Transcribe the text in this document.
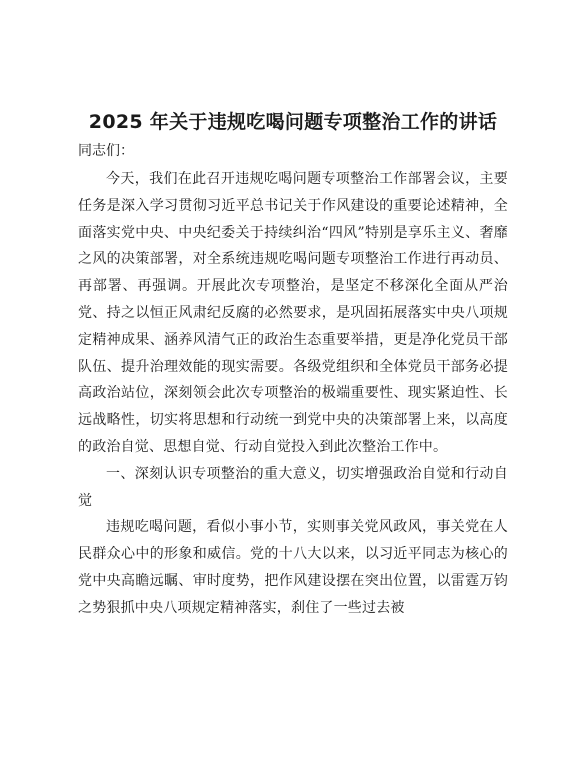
2025 年关于违规吃喝问题专项整治工作的讲话

同志们：

今天，我们在此召开违规吃喝问题专项整治工作部署会议，主要任务是深入学习贯彻习近平总书记关于作风建设的重要论述精神，全面落实党中央、中央纪委关于持续纠治“四风”特别是享乐主义、奢靡之风的决策部署，对全系统违规吃喝问题专项整治工作进行再动员、再部署、再强调。开展此次专项整治，是坚定不移深化全面从严治党、持之以恒正风肃纪反腐的必然要求，是巩固拓展落实中央八项规定精神成果、涵养风清气正的政治生态重要举措，更是净化党员干部队伍、提升治理效能的现实需要。各级党组织和全体党员干部务必提高政治站位，深刻领会此次专项整治的极端重要性、现实紧迫性、长远战略性，切实将思想和行动统一到党中央的决策部署上来，以高度的政治自觉、思想自觉、行动自觉投入到此次整治工作中。

一、深刻认识专项整治的重大意义，切实增强政治自觉和行动自觉

违规吃喝问题，看似小事小节，实则事关党风政风，事关党在人民群众心中的形象和威信。党的十八大以来，以习近平同志为核心的党中央高瞻远瞩、审时度势，把作风建设摆在突出位置，以雷霆万钧之势狠抓中央八项规定精神落实，刹住了一些过去被
